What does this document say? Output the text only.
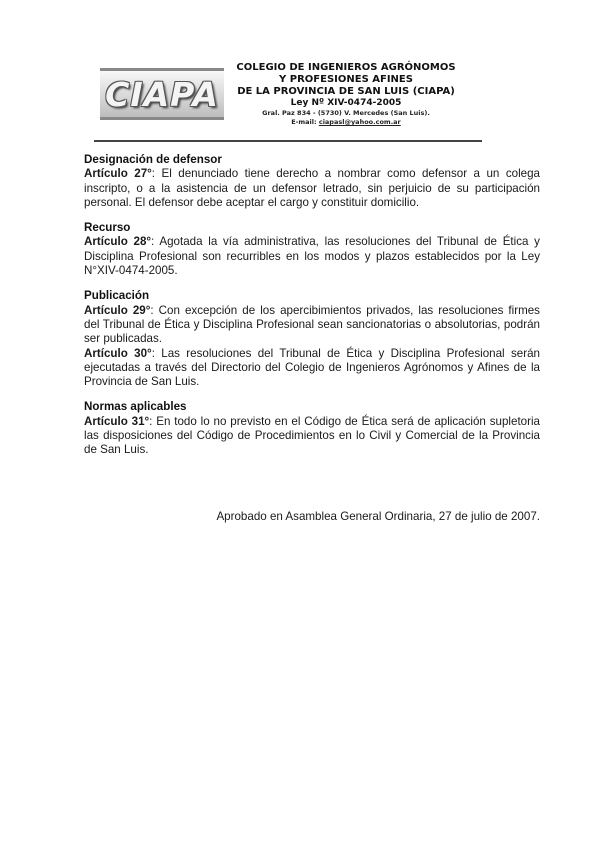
CIAPA
COLEGIO DE INGENIEROS AGRÓNOMOS
Y PROFESIONES AFINES
DE LA PROVINCIA DE SAN LUIS (CIAPA)
Ley Nº XIV-0474-2005
Gral. Paz 834 - (5730) V. Mercedes (San Luis).
E-mail: ciapasl@yahoo.com.ar
Designación de defensor
Artículo 27°: El denunciado tiene derecho a nombrar como defensor a un colega inscripto, o a la asistencia de un defensor letrado, sin perjuicio de su participación personal. El defensor debe aceptar el cargo y constituir domicilio.
Recurso
Artículo 28°: Agotada la vía administrativa, las resoluciones del Tribunal de Ética y Disciplina Profesional son recurribles en los modos y plazos establecidos por la Ley N°XIV-0474-2005.
Publicación
Artículo 29°: Con excepción de los apercibimientos privados, las resoluciones firmes del Tribunal de Ética y Disciplina Profesional sean sancionatorias o absolutorias, podrán ser publicadas.
Artículo 30°: Las resoluciones del Tribunal de Ética y Disciplina Profesional serán ejecutadas a través del Directorio del Colegio de Ingenieros Agrónomos y Afines de la Provincia de San Luis.
Normas aplicables
Artículo 31°: En todo lo no previsto en el Código de Ética será de aplicación supletoria las disposiciones del Código de Procedimientos en lo Civil y Comercial de la Provincia de San Luis.
Aprobado en Asamblea General Ordinaria, 27 de julio de 2007.
